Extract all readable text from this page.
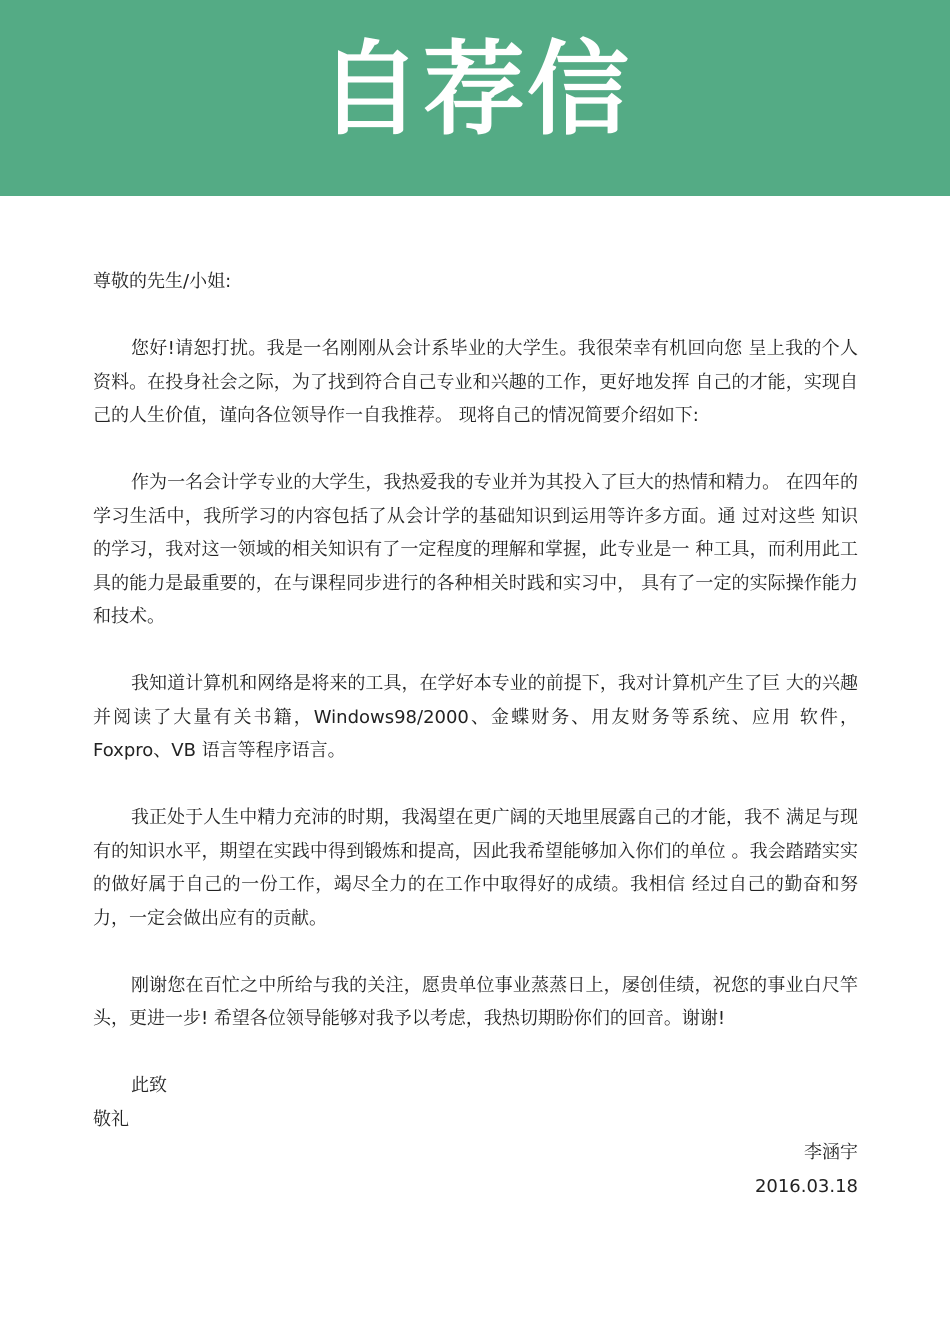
自荐信

尊敬的先生/小姐:

您好!请恕打扰。我是一名刚刚从会计系毕业的大学生。我很荣幸有机回向您 呈上我的个人资料。在投身社会之际，为了找到符合自己专业和兴趣的工作，更好地发挥 自己的才能，实现自己的人生价值，谨向各位领导作一自我推荐。 现将自己的情况简要介绍如下:

作为一名会计学专业的大学生，我热爱我的专业并为其投入了巨大的热情和精力。 在四年的学习生活中，我所学习的内容包括了从会计学的基础知识到运用等许多方面。通 过对这些 知识的学习，我对这一领域的相关知识有了一定程度的理解和掌握，此专业是一 种工具，而利用此工具的能力是最重要的，在与课程同步进行的各种相关时践和实习中， 具有了一定的实际操作能力和技术。

我知道计算机和网络是将来的工具，在学好本专业的前提下，我对计算机产生了巨 大的兴趣并阅读了大量有关书籍，Windows98/2000、金蝶财务、用友财务等系统、应用 软件，Foxpro、VB 语言等程序语言。

我正处于人生中精力充沛的时期，我渴望在更广阔的天地里展露自己的才能，我不 满足与现有的知识水平，期望在实践中得到锻炼和提高，因此我希望能够加入你们的单位 。我会踏踏实实的做好属于自己的一份工作，竭尽全力的在工作中取得好的成绩。我相信 经过自己的勤奋和努力，一定会做出应有的贡献。

刚谢您在百忙之中所给与我的关注，愿贵单位事业蒸蒸日上，屡创佳绩，祝您的事业白尺竿头，更进一步! 希望各位领导能够对我予以考虑，我热切期盼你们的回音。谢谢!

此致

敬礼

李涵宇

2016.03.18
